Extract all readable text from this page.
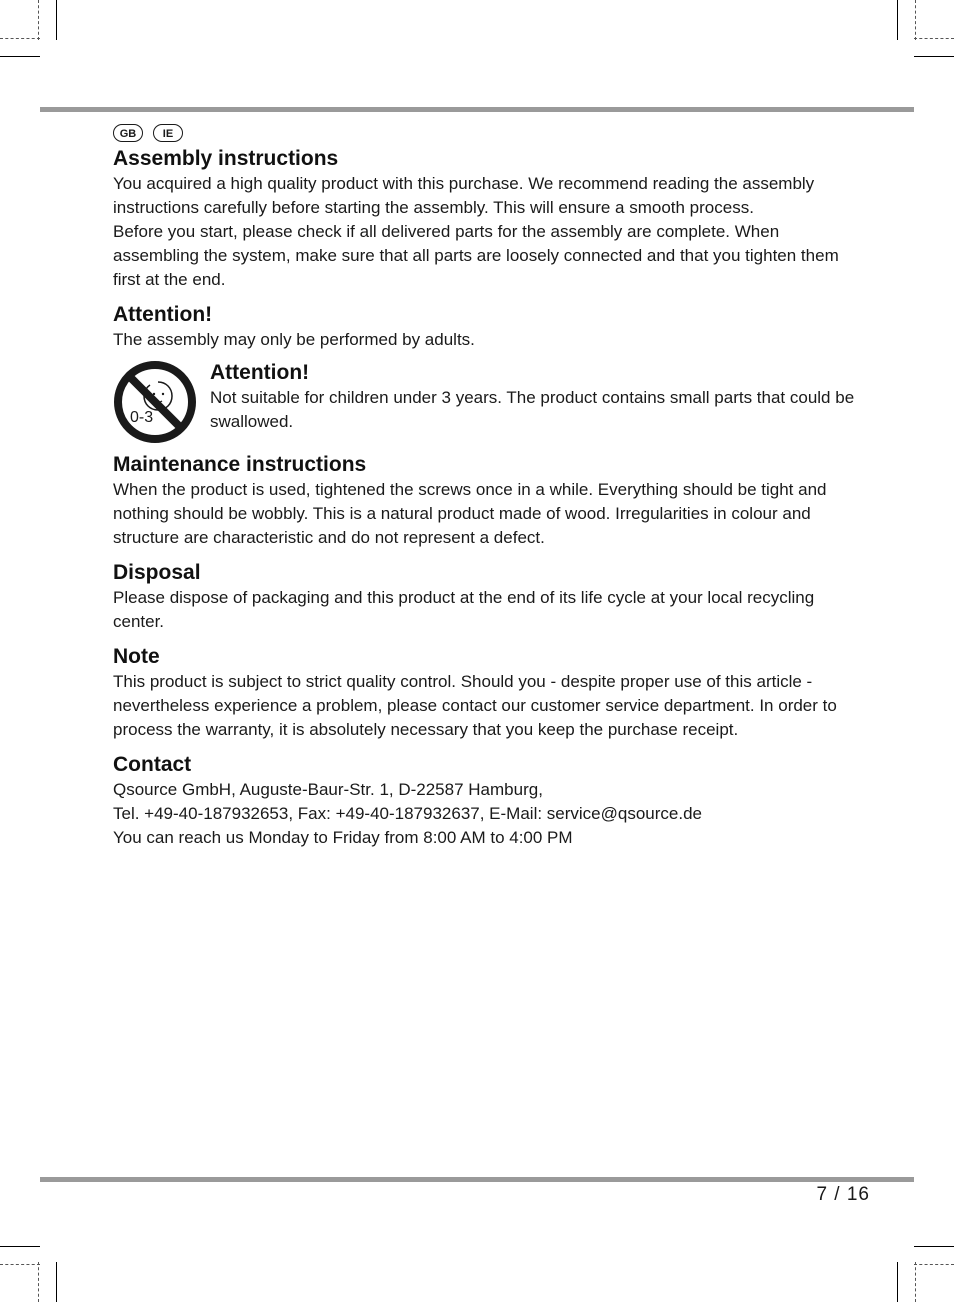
GB	IE
Assembly instructions

You acquired a high quality product with this purchase. We recommend reading the assembly instructions carefully before starting the assembly. This will ensure a smooth process.

Before you start, please check if all delivered parts for the assembly are complete. When assembling the system, make sure that all parts are loosely connected and that you tighten them first at the end.

Attention!

The assembly may only be performed by adults.

0-3
Attention!

Not suitable for children under 3 years. The product contains small parts that could be swallowed.

Maintenance instructions

When the product is used, tightened the screws once in a while. Everything should be tight and nothing should be wobbly. This is a natural product made of wood. Irregularities in colour and structure are characteristic and do not represent a defect.

Disposal

Please dispose of packaging and this product at the end of its life cycle at your local recycling center.

Note

This product is subject to strict quality control. Should you - despite proper use of this article - nevertheless experience a problem, please contact our customer service department. In order to process the warranty, it is absolutely necessary that you keep the purchase receipt.

Contact

Qsource GmbH, Auguste-Baur-Str. 1, D-22587 Hamburg,

Tel. +49-40-187932653, Fax: +49-40-187932637, E-Mail: service@qsource.de

You can reach us Monday to Friday from 8:00 AM to 4:00 PM

7 / 16
